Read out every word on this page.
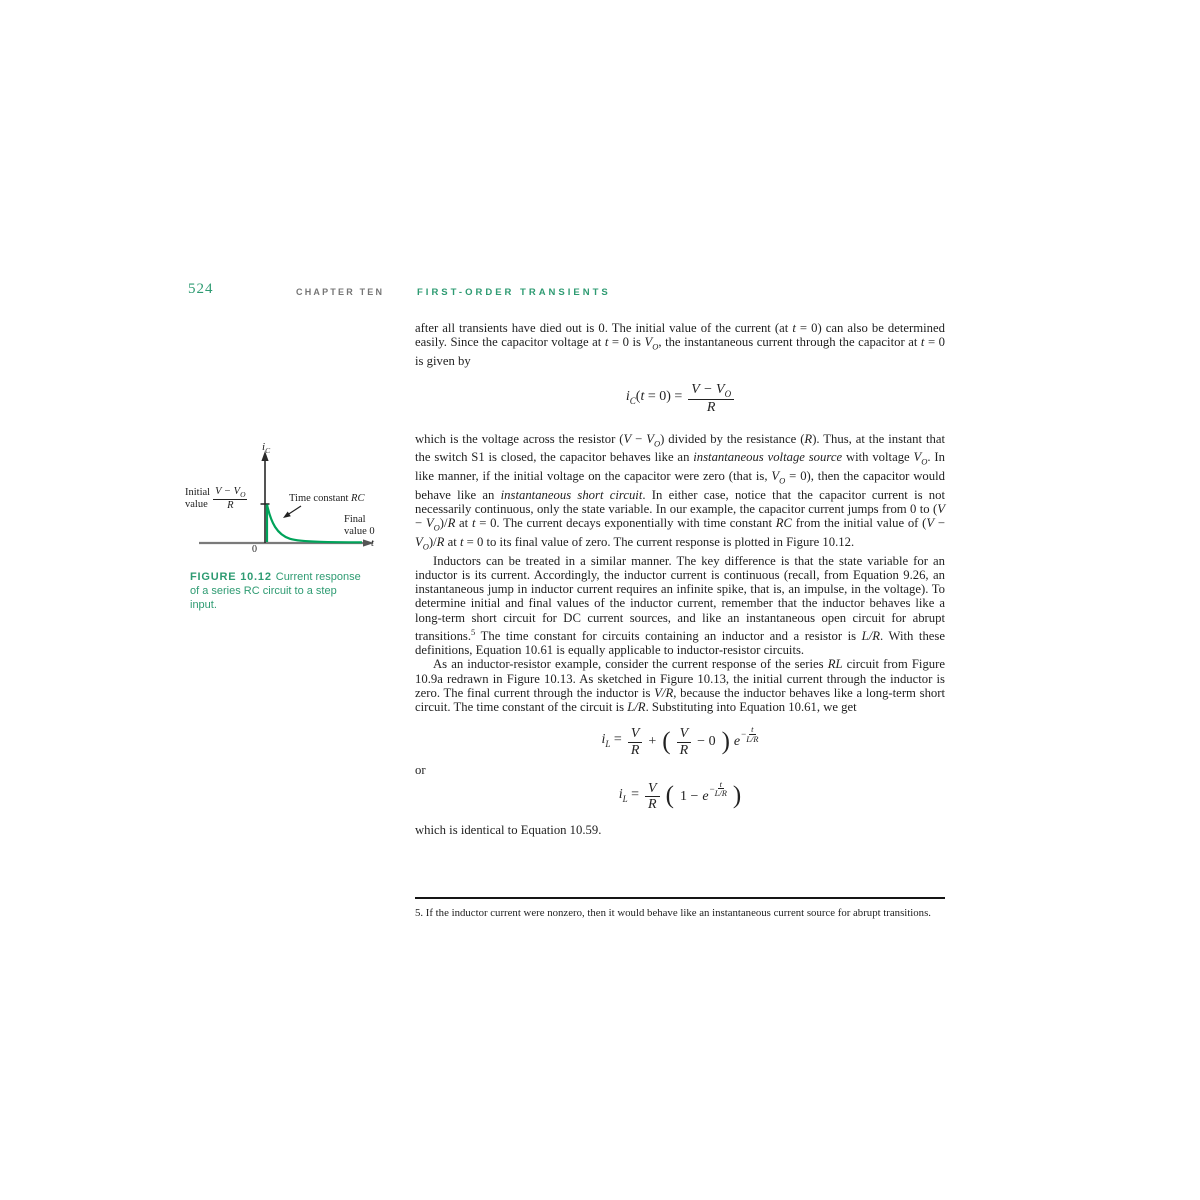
524	CHAPTER TEN	FIRST-ORDER TRANSIENTS
$i_C$
Initial
value $\frac{V - V_O}{R}$	Time constant RC
Final
value 0
0
t

FIGURE 10.12 Current response of a series RC circuit to a step input.

after all transients have died out is 0. The initial value of the current (at t = 0) can also be determined easily. Since the capacitor voltage at t = 0 is $V_O$, the instantaneous current through the capacitor at t = 0 is given by

$i_C(t = 0) = \frac{V - V_O}{R}$

which is the voltage across the resistor $(V - V_O)$ divided by the resistance (R). Thus, at the instant that the switch S1 is closed, the capacitor behaves like an instantaneous voltage source with voltage $V_O$. In like manner, if the initial voltage on the capacitor were zero (that is, $V_O = 0$), then the capacitor would behave like an instantaneous short circuit. In either case, notice that the capacitor current is not necessarily continuous, only the state variable. In our example, the capacitor current jumps from 0 to $(V - V_O)/R$ at t = 0. The current decays exponentially with time constant RC from the initial value of $(V - V_O)/R$ at t = 0 to its final value of zero. The current response is plotted in Figure 10.12.

Inductors can be treated in a similar manner. The key difference is that the state variable for an inductor is its current. Accordingly, the inductor current is continuous (recall, from Equation 9.26, an instantaneous jump in inductor current requires an infinite spike, that is, an impulse, in the voltage). To determine initial and final values of the inductor current, remember that the inductor behaves like a long-term short circuit for DC current sources, and like an instantaneous open circuit for abrupt transitions.$^5$ The time constant for circuits containing an inductor and a resistor is L/R. With these definitions, Equation 10.61 is equally applicable to inductor-resistor circuits.

As an inductor-resistor example, consider the current response of the series RL circuit from Figure 10.9a redrawn in Figure 10.13. As sketched in Figure 10.13, the initial current through the inductor is zero. The final current through the inductor is V/R, because the inductor behaves like a long-term short circuit. The time constant of the circuit is L/R. Substituting into Equation 10.61, we get

$i_L = \frac{V}{R}$ + ( $\frac{V}{R} - 0$ ) $e - \frac{t}{L/R}$

or

$i_L = \frac{V}{R}$ ( $1 - e - \frac{t}{L/R}$ )

which is identical to Equation 10.59.

5. If the inductor current were nonzero, then it would behave like an instantaneous current source for abrupt transitions.
